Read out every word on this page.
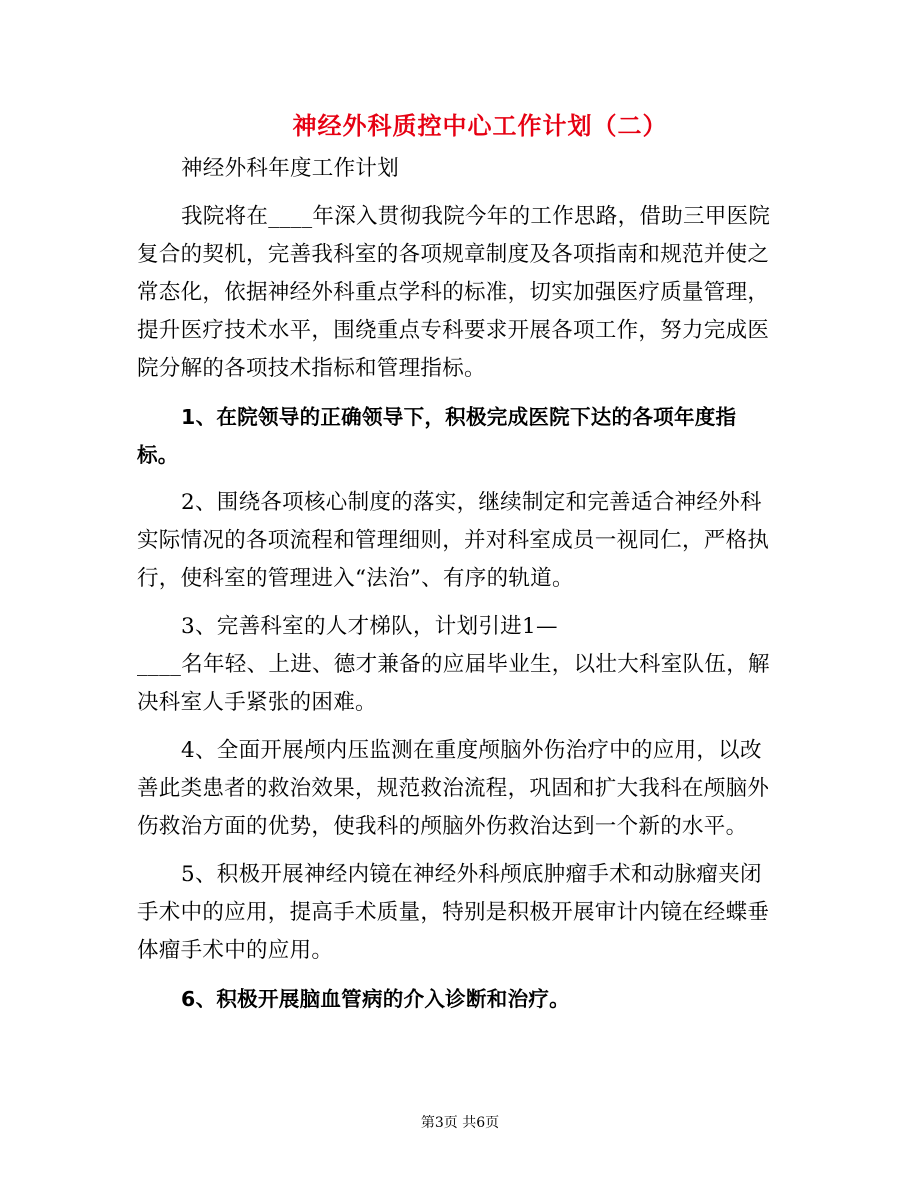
神经外科质控中心工作计划（二）

神经外科年度工作计划

我院将在____年深入贯彻我院今年的工作思路，借助三甲医院复合的契机，完善我科室的各项规章制度及各项指南和规范并使之常态化，依据神经外科重点学科的标准，切实加强医疗质量管理，提升医疗技术水平，围绕重点专科要求开展各项工作，努力完成医院分解的各项技术指标和管理指标。

1、在院领导的正确领导下，积极完成医院下达的各项年度指标。

2、围绕各项核心制度的落实，继续制定和完善适合神经外科实际情况的各项流程和管理细则，并对科室成员一视同仁，严格执行，使科室的管理进入“法治”、有序的轨道。

3、完善科室的人才梯队，计划引进1—
____名年轻、上进、德才兼备的应届毕业生，以壮大科室队伍，解决科室人手紧张的困难。

4、全面开展颅内压监测在重度颅脑外伤治疗中的应用，以改善此类患者的救治效果，规范救治流程，巩固和扩大我科在颅脑外伤救治方面的优势，使我科的颅脑外伤救治达到一个新的水平。

5、积极开展神经内镜在神经外科颅底肿瘤手术和动脉瘤夹闭手术中的应用，提高手术质量，特别是积极开展审计内镜在经蝶垂体瘤手术中的应用。

6、积极开展脑血管病的介入诊断和治疗。

第3页 共6页
